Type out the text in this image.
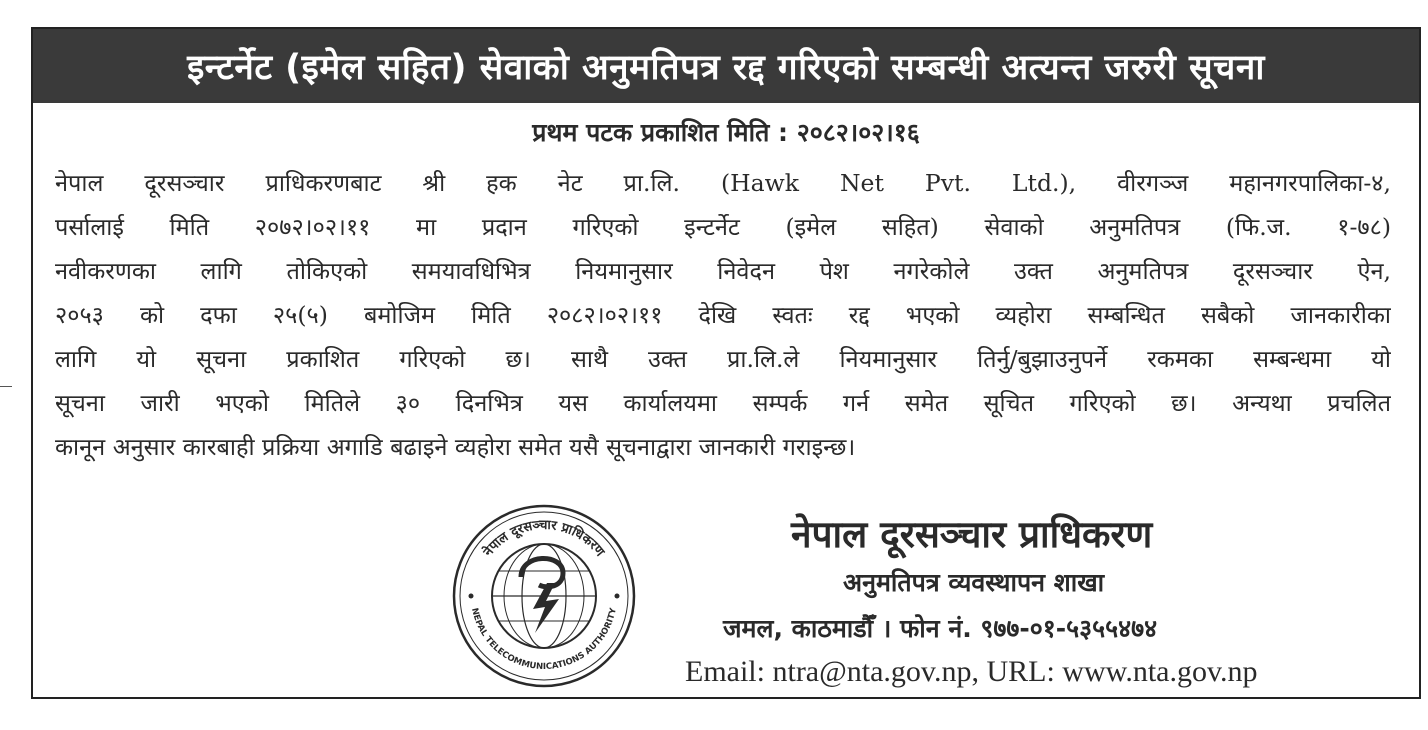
इन्टर्नेट (इमेल सहित) सेवाको अनुमतिपत्र रद्द गरिएको सम्बन्धी अत्यन्त जरुरी सूचना
प्रथम पटक प्रकाशित मिति : २०८२।०२।१६
नेपाल दूरसञ्चार प्राधिकरणबाट श्री हक नेट प्रा.लि. (Hawk Net Pvt. Ltd.), वीरगञ्ज महानगरपालिका-४,
पर्सालाई मिति २०७२।०२।११ मा प्रदान गरिएको इन्टर्नेट (इमेल सहित) सेवाको अनुमतिपत्र (फि.ज. १-७८)
नवीकरणका लागि तोकिएको समयावधिभित्र नियमानुसार निवेदन पेश नगरेकोले उक्त अनुमतिपत्र दूरसञ्चार ऐन,
२०५३ को दफा २५(५) बमोजिम मिति २०८२।०२।११ देखि स्वतः रद्द भएको व्यहोरा सम्बन्धित सबैको जानकारीका
लागि यो सूचना प्रकाशित गरिएको छ। साथै उक्त प्रा.लि.ले नियमानुसार तिर्नु/बुझाउनुपर्ने रकमका सम्बन्धमा यो
सूचना जारी भएको मितिले ३० दिनभित्र यस कार्यालयमा सम्पर्क गर्न समेत सूचित गरिएको छ। अन्यथा प्रचलित
कानून अनुसार कारबाही प्रक्रिया अगाडि बढाइने व्यहोरा समेत यसै सूचनाद्वारा जानकारी गराइन्छ।
नेपाल दूरसञ्चार प्राधिकरण
NEPAL TELECOMMUNICATIONS AUTHORITY
नेपाल दूरसञ्चार प्राधिकरण
अनुमतिपत्र व्यवस्थापन शाखा
जमल, काठमाडौँ । फोन नं. ९७७-०१-५३५५४७४
Email: ntra@nta.gov.np, URL: www.nta.gov.np
